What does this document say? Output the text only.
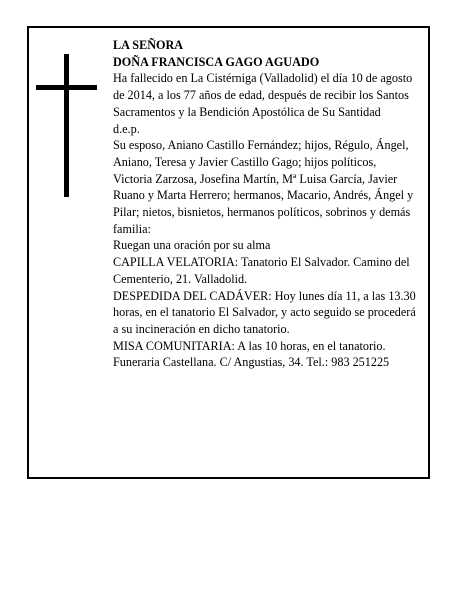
LA SEÑORA

DOÑA FRANCISCA GAGO AGUADO

Ha fallecido en La Cistérniga (Valladolid) el día 10 de agosto de 2014, a los 77 años de edad, después de recibir los Santos Sacramentos y la Bendición Apostólica de Su Santidad

d.e.p.

Su esposo, Aniano Castillo Fernández; hijos, Régulo, Ángel, Aniano, Teresa y Javier Castillo Gago; hijos políticos, Victoria Zarzosa, Josefina Martín, Mª Luisa García, Javier Ruano y Marta Herrero; hermanos, Macario, Andrés, Ángel y Pilar; nietos, bisnietos, hermanos políticos, sobrinos y demás familia:

Ruegan una oración por su alma

CAPILLA VELATORIA: Tanatorio El Salvador. Camino del Cementerio, 21. Valladolid.

DESPEDIDA DEL CADÁVER: Hoy lunes día 11, a las 13.30 horas, en el tanatorio El Salvador, y acto seguido se procederá a su incineración en dicho tanatorio.

MISA COMUNITARIA: A las 10 horas, en el tanatorio.

Funeraria Castellana. C/ Angustias, 34. Tel.: 983 251225
